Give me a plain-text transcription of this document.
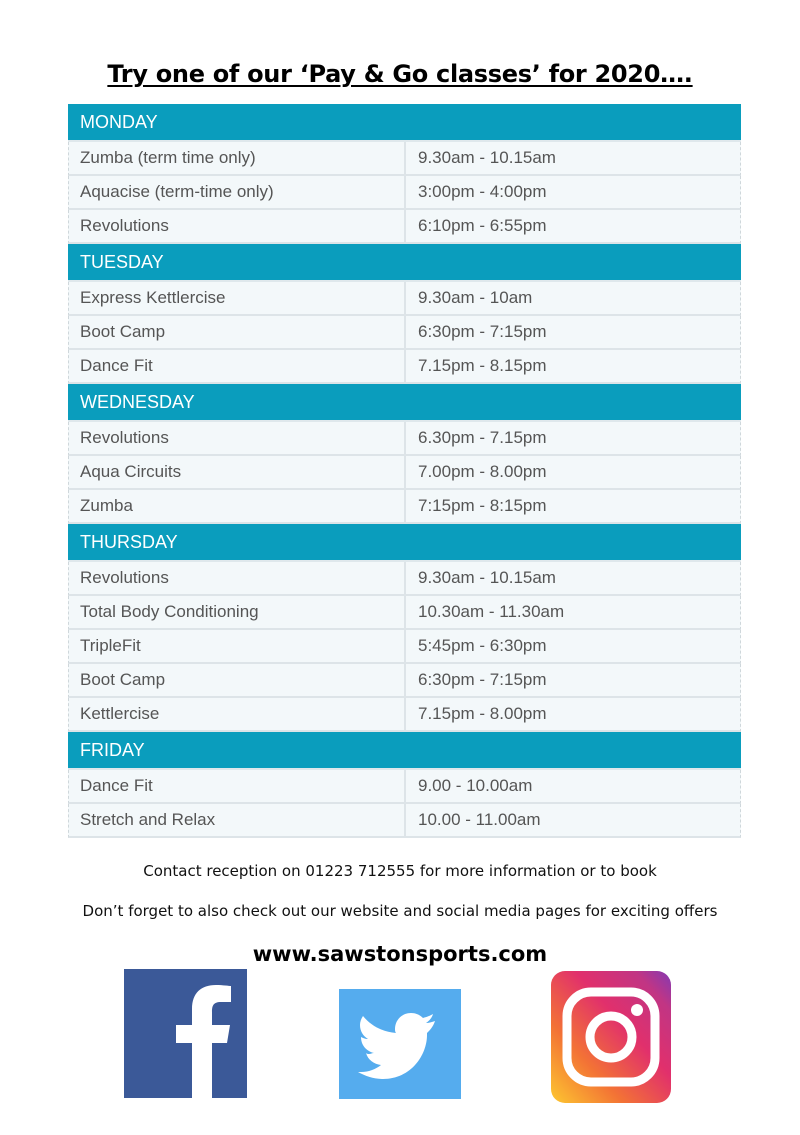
Try one of our ‘Pay & Go classes’ for 2020….
MONDAY
Zumba (term time only)	9.30am - 10.15am
Aquacise (term-time only)	3:00pm - 4:00pm
Revolutions	6:10pm - 6:55pm
TUESDAY
Express Kettlercise	9.30am - 10am
Boot Camp	6:30pm - 7:15pm
Dance Fit	7.15pm - 8.15pm
WEDNESDAY
Revolutions	6.30pm - 7.15pm
Aqua Circuits	7.00pm - 8.00pm
Zumba	7:15pm - 8:15pm
THURSDAY
Revolutions	9.30am - 10.15am
Total Body Conditioning	10.30am - 11.30am
TripleFit	5:45pm - 6:30pm
Boot Camp	6:30pm - 7:15pm
Kettlercise	7.15pm - 8.00pm
FRIDAY
Dance Fit	9.00 - 10.00am
Stretch and Relax	10.00 - 11.00am
Contact reception on 01223 712555 for more information or to book
Don’t forget to also check out our website and social media pages for exciting offers
www.sawstonsports.com
